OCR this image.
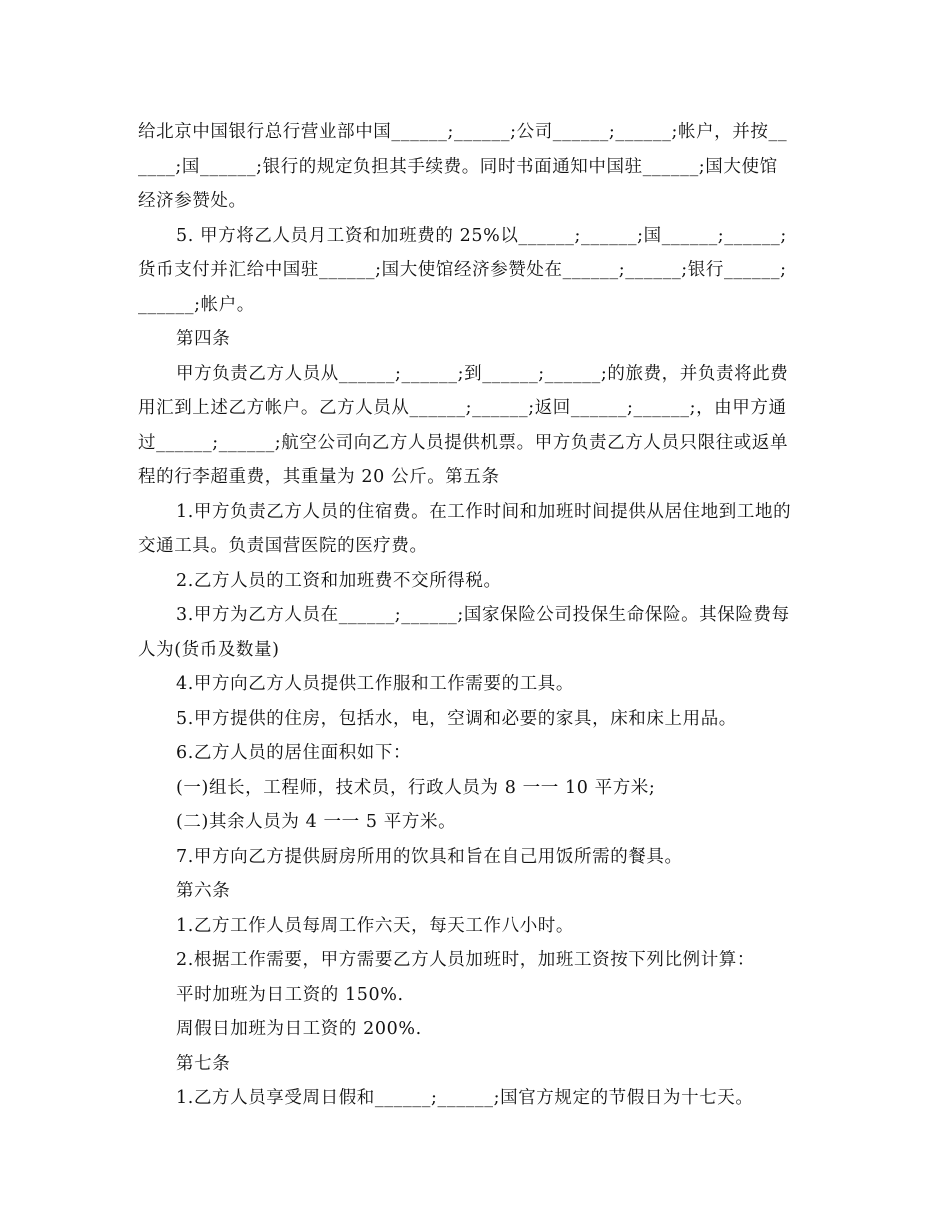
给北京中国银行总行营业部中国______;______;公司______;______;帐户，并按__
____;国______;银行的规定负担其手续费。同时书面通知中国驻______;国大使馆
经济参赞处。
5. 甲方将乙人员月工资和加班费的 25%以______;______;国______;______;
货币支付并汇给中国驻______;国大使馆经济参赞处在______;______;银行______;
______;帐户。
第四条
甲方负责乙方人员从______;______;到______;______;的旅费，并负责将此费
用汇到上述乙方帐户。乙方人员从______;______;返回______;______;，由甲方通
过______;______;航空公司向乙方人员提供机票。甲方负责乙方人员只限往或返单
程的行李超重费，其重量为 20 公斤。第五条
1.甲方负责乙方人员的住宿费。在工作时间和加班时间提供从居住地到工地的
交通工具。负责国营医院的医疗费。
2.乙方人员的工资和加班费不交所得税。
3.甲方为乙方人员在______;______;国家保险公司投保生命保险。其保险费每
人为(货币及数量)
4.甲方向乙方人员提供工作服和工作需要的工具。
5.甲方提供的住房，包括水，电，空调和必要的家具，床和床上用品。
6.乙方人员的居住面积如下：
(一)组长，工程师，技术员，行政人员为 8 一一 10 平方米;
(二)其余人员为 4 一一 5 平方米。
7.甲方向乙方提供厨房所用的饮具和旨在自己用饭所需的餐具。
第六条
1.乙方工作人员每周工作六天，每天工作八小时。
2.根据工作需要，甲方需要乙方人员加班时，加班工资按下列比例计算：
平时加班为日工资的 150%.
周假日加班为日工资的 200%.
第七条
1.乙方人员享受周日假和______;______;国官方规定的节假日为十七天。
